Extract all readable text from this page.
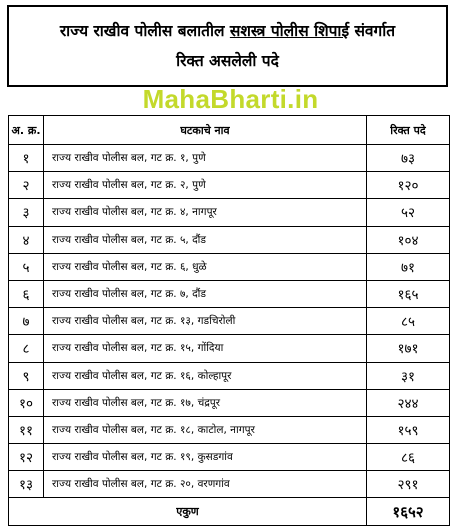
राज्य राखीव पोलीस बलातील सशस्त्र पोलीस शिपाई संवर्गात
रिक्त असलेली पदे
MahaBharti.in
अ. क्र.	घटकाचे नाव	रिक्त पदे
१	राज्य राखीव पोलीस बल, गट क्र. १, पुणे	७३
२	राज्य राखीव पोलीस बल, गट क्र. २, पुणे	१२०
३	राज्य राखीव पोलीस बल, गट क्र. ४, नागपूर	५२
४	राज्य राखीव पोलीस बल, गट क्र. ५, दौंड	१०४
५	राज्य राखीव पोलीस बल, गट क्र. ६, धुळे	७१
६	राज्य राखीव पोलीस बल, गट क्र. ७, दौंड	१६५
७	राज्य राखीव पोलीस बल, गट क्र. १३, गडचिरोली	८५
८	राज्य राखीव पोलीस बल, गट क्र. १५, गोंदिया	१७१
९	राज्य राखीव पोलीस बल, गट क्र. १६, कोल्हापूर	३१
१०	राज्य राखीव पोलीस बल, गट क्र. १७, चंद्रपूर	२४४
११	राज्य राखीव पोलीस बल, गट क्र. १८, काटोल, नागपूर	१५९
१२	राज्य राखीव पोलीस बल, गट क्र. १९, कुसडगांव	८६
१३	राज्य राखीव पोलीस बल, गट क्र. २०, वरणगांव	२९१
एकुण		१६५२
